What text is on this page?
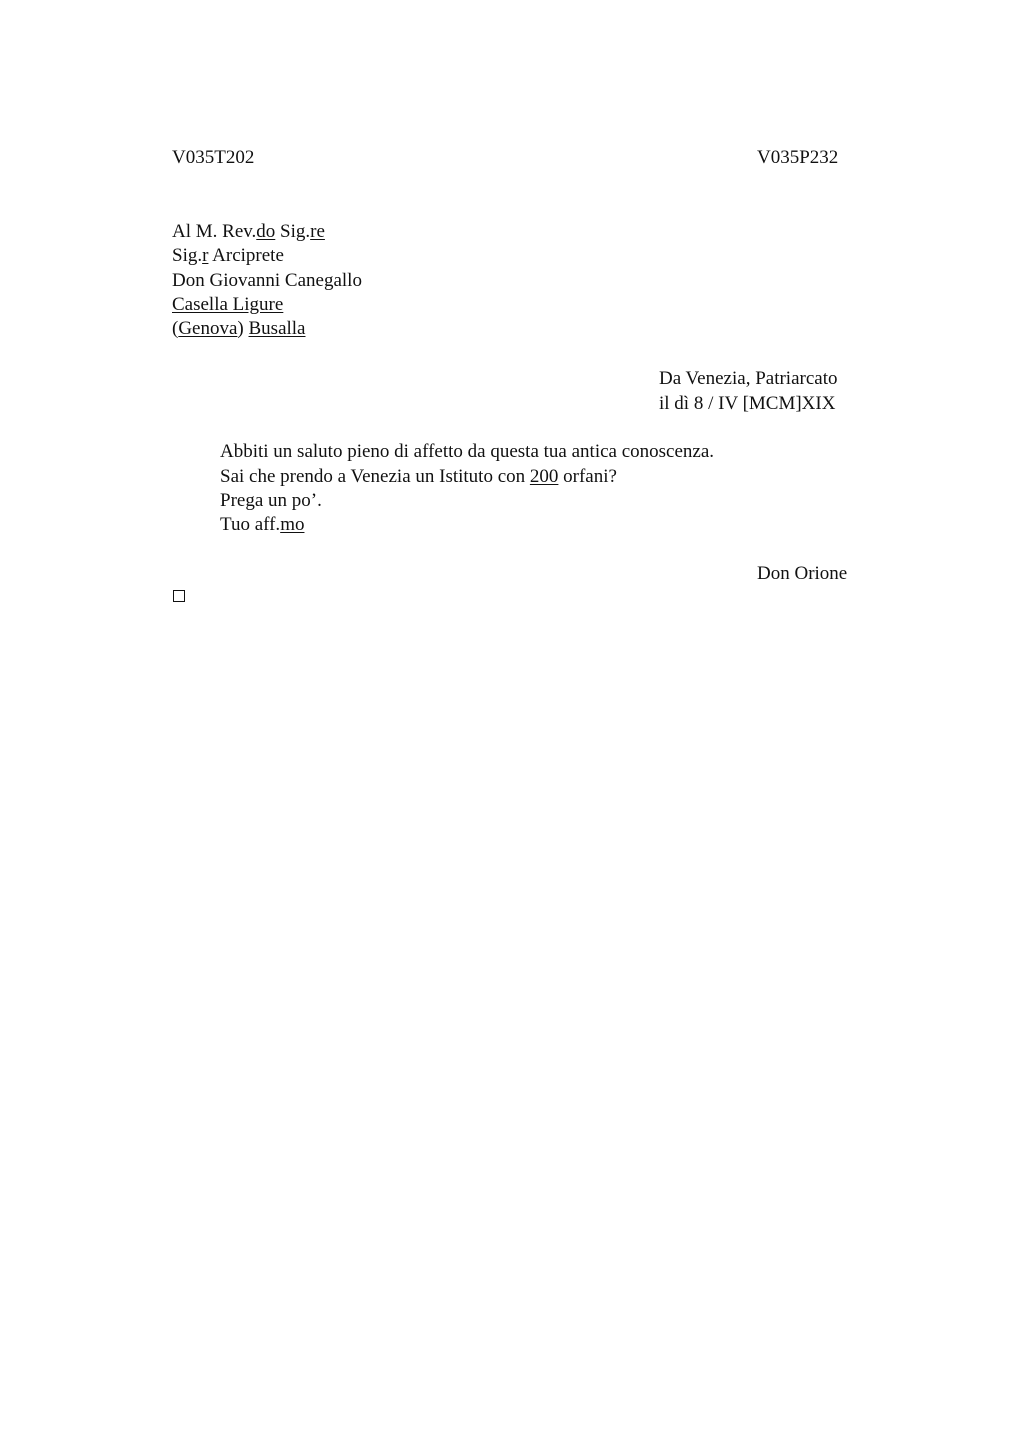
V035T202	V035P232
Al M. Rev.do Sig.re
Sig.r Arciprete
Don Giovanni Canegallo
Casella Ligure
(Genova) Busalla
Da Venezia, Patriarcato
il dì 8 / IV [MCM]XIX
Abbiti un saluto pieno di affetto da questa tua antica conoscenza.
Sai che prendo a Venezia un Istituto con 200 orfani?
Prega un po’.
Tuo aff.mo
Don Orione
